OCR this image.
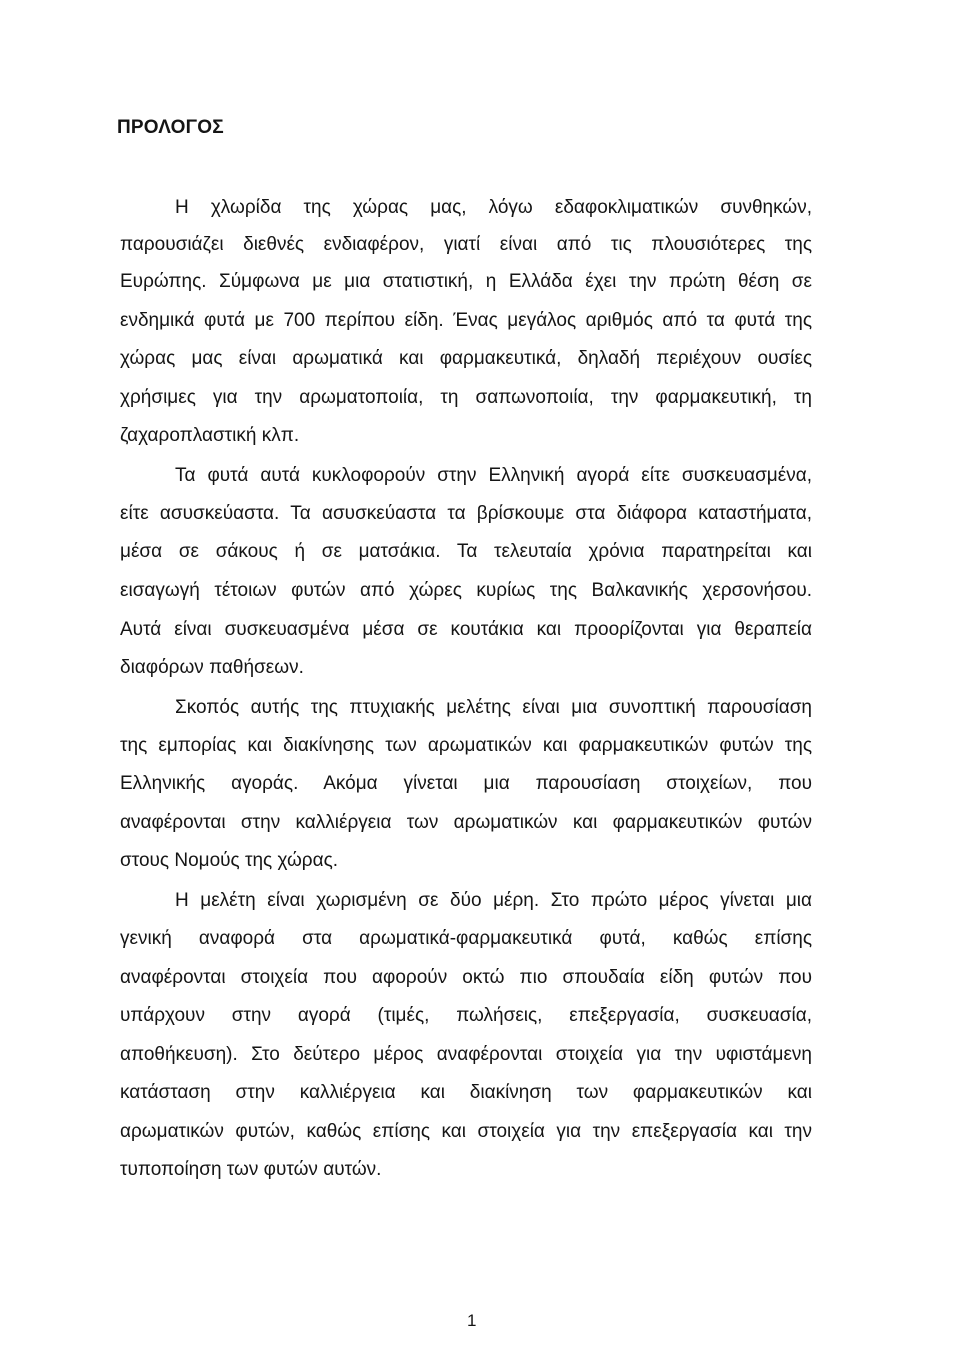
ΠΡΟΛΟΓΟΣ

Η χλωρίδα της χώρας μας, λόγω εδαφοκλιματικών συνθηκών,

παρουσιάζει διεθνές ενδιαφέρον, γιατί είναι από τις πλουσιότερες της

Ευρώπης. Σύμφωνα με μια στατιστική, η Ελλάδα έχει την πρώτη θέση σε

ενδημικά φυτά με 700 περίπου είδη. Ένας μεγάλος αριθμός από τα φυτά της

χώρας μας είναι αρωματικά και φαρμακευτικά, δηλαδή περιέχουν ουσίες

χρήσιμες για την αρωματοποιία, τη σαπωνοποιία, την φαρμακευτική, τη

ζαχαροπλαστική κλπ.

Τα φυτά αυτά κυκλοφορούν στην Ελληνική αγορά είτε συσκευασμένα,

είτε ασυσκεύαστα. Τα ασυσκεύαστα τα βρίσκουμε στα διάφορα καταστήματα,

μέσα σε σάκους ή σε ματσάκια. Τα τελευταία χρόνια παρατηρείται και

εισαγωγή τέτοιων φυτών από χώρες κυρίως της Βαλκανικής χερσονήσου.

Αυτά είναι συσκευασμένα μέσα σε κουτάκια και προορίζονται για θεραπεία

διαφόρων παθήσεων.

Σκοπός αυτής της πτυχιακής μελέτης είναι μια συνοπτική παρουσίαση

της εμπορίας και διακίνησης των αρωματικών και φαρμακευτικών φυτών της

Ελληνικής αγοράς. Ακόμα γίνεται μια παρουσίαση στοιχείων, που

αναφέρονται στην καλλιέργεια των αρωματικών και φαρμακευτικών φυτών

στους Νομούς της χώρας.

Η μελέτη είναι χωρισμένη σε δύο μέρη. Στο πρώτο μέρος γίνεται μια

γενική αναφορά στα αρωματικά-φαρμακευτικά φυτά, καθώς επίσης

αναφέρονται στοιχεία που αφορούν οκτώ πιο σπουδαία είδη φυτών που

υπάρχουν στην αγορά (τιμές, πωλήσεις, επεξεργασία, συσκευασία,

αποθήκευση). Στο δεύτερο μέρος αναφέρονται στοιχεία για την υφιστάμενη

κατάσταση στην καλλιέργεια και διακίνηση των φαρμακευτικών και

αρωματικών φυτών, καθώς επίσης και στοιχεία για την επεξεργασία και την

τυποποίηση των φυτών αυτών.

1
